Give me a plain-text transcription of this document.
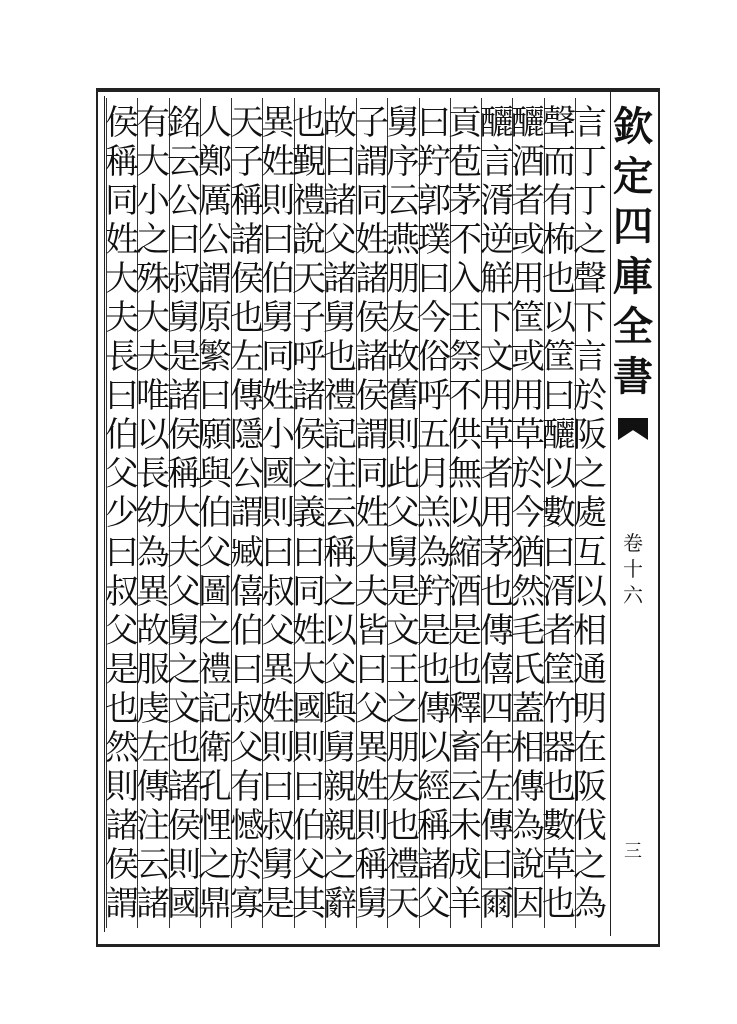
欽
定
四
庫
全
書
卷
十
六
三
言
丁
丁
之
聲
下
言
於
阪
之
處
互
以
相
通
明
在
阪
伐
之
為
聲
而
有
柨
也
以
筐
曰
釃
以
數
曰
湑
者
筐
竹
器
也
數
草
也
釃
酒
者
或
用
筐
或
用
草
於
今
猶
然
毛
氏
蓋
相
傳
為
說
因
釃
言
湑
逆
觧
下
文
用
草
者
用
茅
也
傳
僖
四
年
左
傳
曰
爾
貢
苞
茅
不
入
王
祭
不
供
無
以
縮
酒
是
也
釋
畜
云
未
成
羊
曰
羜
郭
璞
曰
今
俗
呼
五
月
羔
為
羜
是
也
傳
以
經
稱
諸
父
舅
序
云
燕
朋
友
故
舊
則
此
父
舅
是
文
王
之
朋
友
也
禮
天
子
謂
同
姓
諸
侯
諸
侯
謂
同
姓
大
夫
皆
曰
父
異
姓
則
稱
舅
故
曰
諸
父
諸
舅
也
禮
記
注
云
稱
之
以
父
與
舅
親
親
之
辭
也
覲
禮
說
天
子
呼
諸
侯
之
義
曰
同
姓
大
國
則
曰
伯
父
其
異
姓
則
曰
伯
舅
同
姓
小
國
則
曰
叔
父
異
姓
則
曰
叔
舅
是
天
子
稱
諸
侯
也
左
傳
隱
公
謂
臧
僖
伯
曰
叔
父
有
憾
於
寡
人
鄭
厲
公
謂
原
繁
曰
願
與
伯
父
圖
之
禮
記
衛
孔
悝
之
鼎
銘
云
公
曰
叔
舅
是
諸
侯
稱
大
夫
父
舅
之
文
也
諸
侯
則
國
有
大
小
之
殊
大
夫
唯
以
長
幼
為
異
故
服
虔
左
傳
注
云
諸
侯
稱
同
姓
大
夫
長
曰
伯
父
少
曰
叔
父
是
也
然
則
諸
侯
謂
